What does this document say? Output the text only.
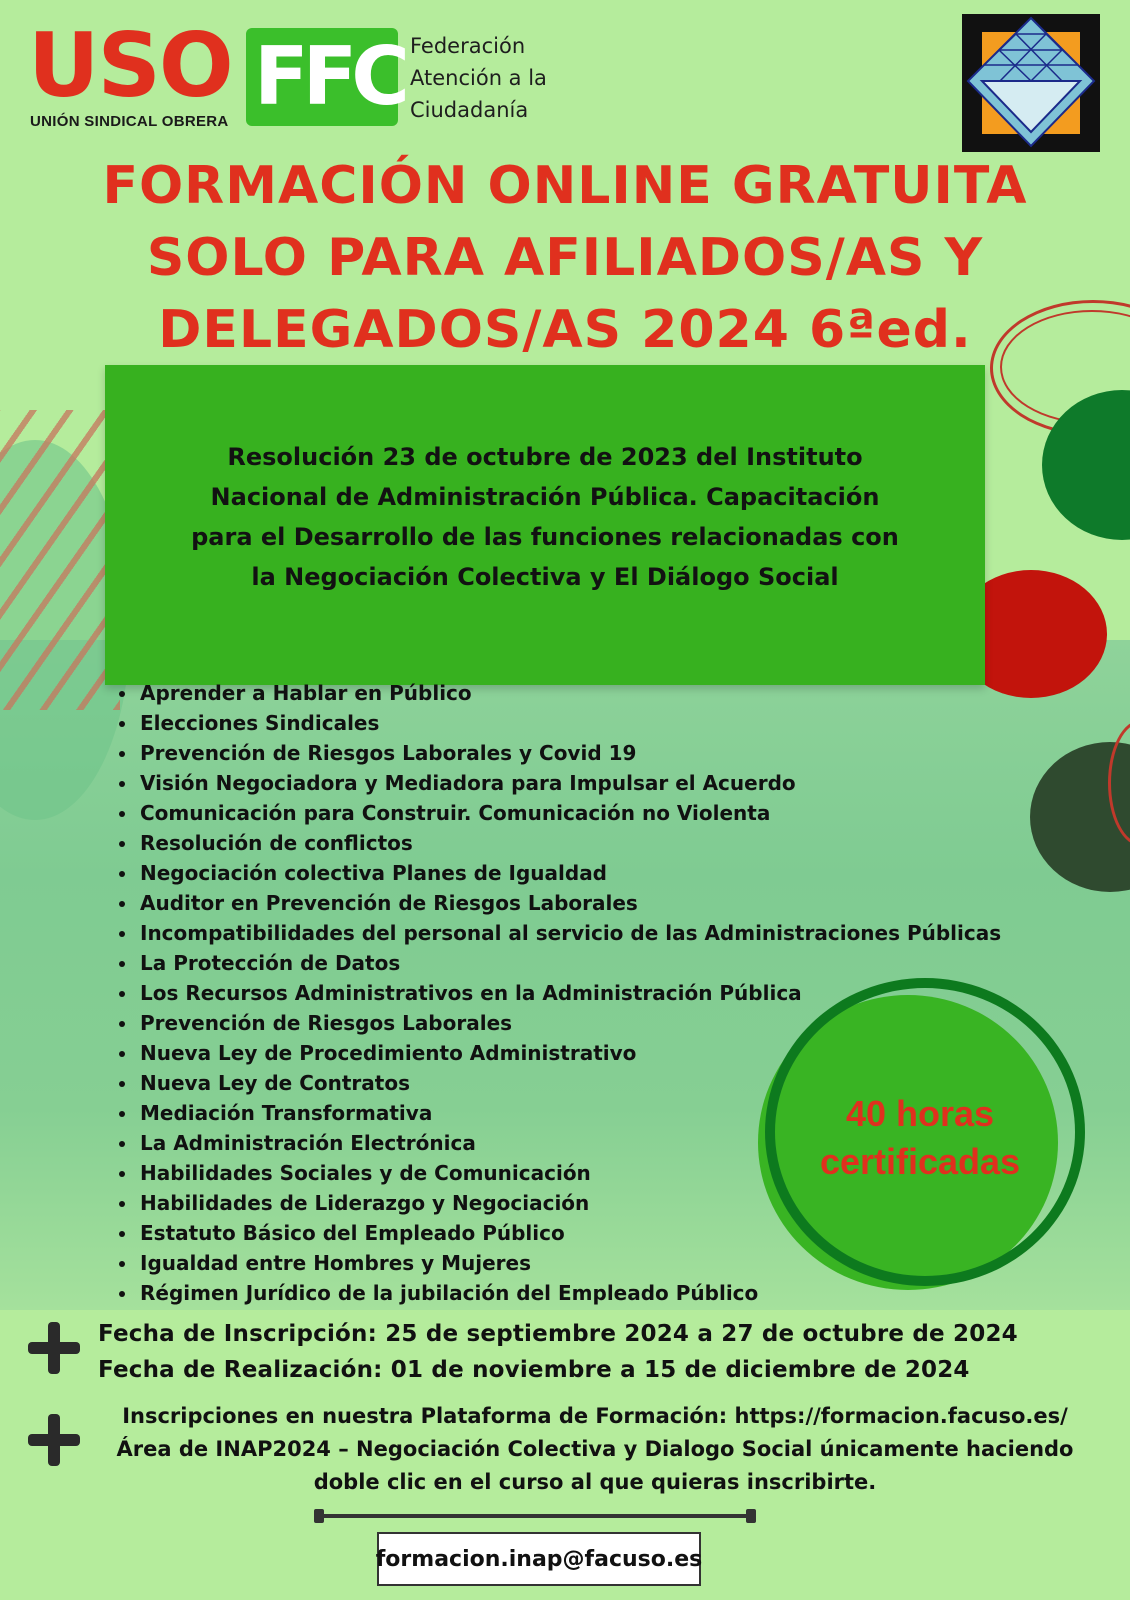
USO
UNIÓN SINDICAL OBRERA FFC Federación
Atención a la
Ciudadanía
FORMACIÓN ONLINE GRATUITA
SOLO PARA AFILIADOS/AS Y
DELEGADOS/AS 2024 6ªed.
Resolución 23 de octubre de 2023 del Instituto
Nacional de Administración Pública. Capacitación
para el Desarrollo de las funciones relacionadas con
la Negociación Colectiva y El Diálogo Social
40 horas
certificadas
• Aprender a Hablar en Público
• Elecciones Sindicales
• Prevención de Riesgos Laborales y Covid 19
• Visión Negociadora y Mediadora para Impulsar el Acuerdo
• Comunicación para Construir. Comunicación no Violenta
• Resolución de conflictos
• Negociación colectiva Planes de Igualdad
• Auditor en Prevención de Riesgos Laborales
• Incompatibilidades del personal al servicio de las Administraciones Públicas
• La Protección de Datos
• Los Recursos Administrativos en la Administración Pública
• Prevención de Riesgos Laborales
• Nueva Ley de Procedimiento Administrativo
• Nueva Ley de Contratos
• Mediación Transformativa
• La Administración Electrónica
• Habilidades Sociales y de Comunicación
• Habilidades de Liderazgo y Negociación
• Estatuto Básico del Empleado Público
• Igualdad entre Hombres y Mujeres
• Régimen Jurídico de la jubilación del Empleado Público
Fecha de Inscripción: 25 de septiembre 2024 a 27 de octubre de 2024
Fecha de Realización: 01 de noviembre a 15 de diciembre de 2024
Inscripciones en nuestra Plataforma de Formación: https://formacion.facuso.es/
Área de INAP2024 – Negociación Colectiva y Dialogo Social únicamente haciendo
doble clic en el curso al que quieras inscribirte.
formacion.inap@facuso.es
